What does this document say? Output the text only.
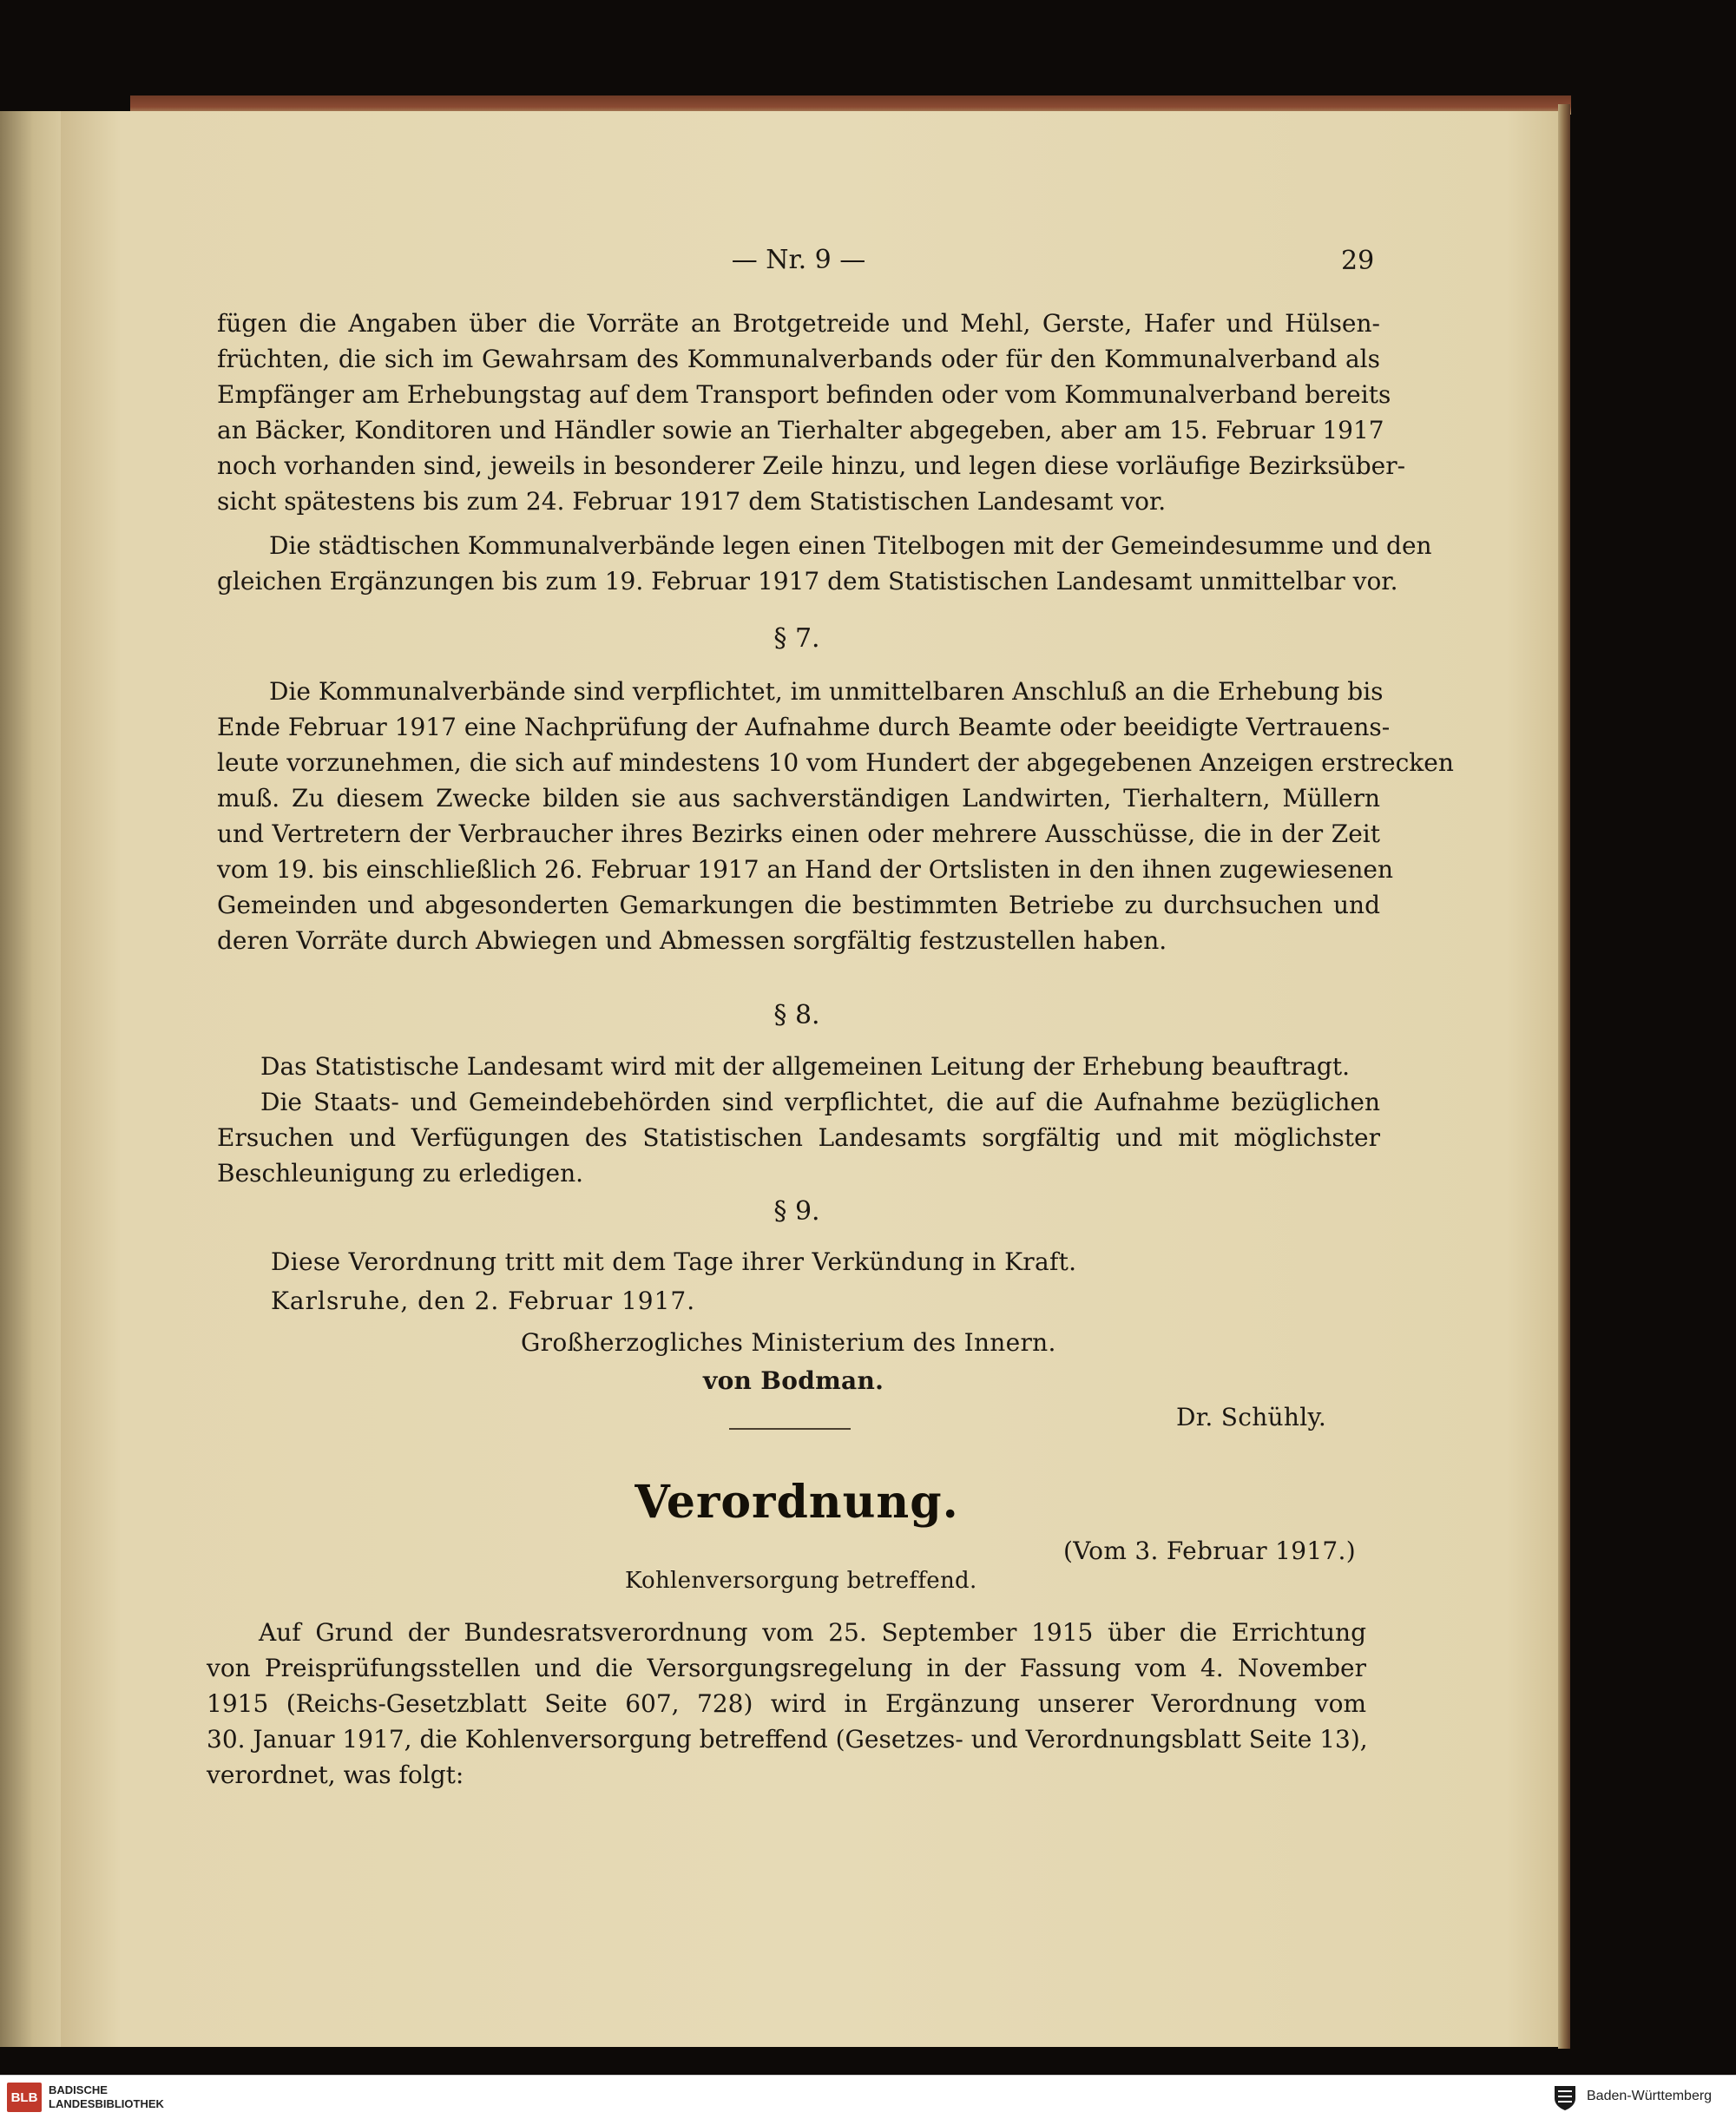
— Nr. 9 —	29
fügen die Angaben über die Vorräte an Brotgetreide und Mehl, Gerste, Hafer und Hülsen-
früchten, die sich im Gewahrsam des Kommunalverbands oder für den Kommunalverband als
Empfänger am Erhebungstag auf dem Transport befinden oder vom Kommunalverband bereits
an Bäcker, Konditoren und Händler sowie an Tierhalter abgegeben, aber am 15. Februar 1917
noch vorhanden sind, jeweils in besonderer Zeile hinzu, und legen diese vorläufige Bezirksüber-
sicht spätestens bis zum 24. Februar 1917 dem Statistischen Landesamt vor.
Die städtischen Kommunalverbände legen einen Titelbogen mit der Gemeindesumme und den
gleichen Ergänzungen bis zum 19. Februar 1917 dem Statistischen Landesamt unmittelbar vor.
§ 7.
Die Kommunalverbände sind verpflichtet, im unmittelbaren Anschluß an die Erhebung bis
Ende Februar 1917 eine Nachprüfung der Aufnahme durch Beamte oder beeidigte Vertrauens-
leute vorzunehmen, die sich auf mindestens 10 vom Hundert der abgegebenen Anzeigen erstrecken
muß. Zu diesem Zwecke bilden sie aus sachverständigen Landwirten, Tierhaltern, Müllern
und Vertretern der Verbraucher ihres Bezirks einen oder mehrere Ausschüsse, die in der Zeit
vom 19. bis einschließlich 26. Februar 1917 an Hand der Ortslisten in den ihnen zugewiesenen
Gemeinden und abgesonderten Gemarkungen die bestimmten Betriebe zu durchsuchen und
deren Vorräte durch Abwiegen und Abmessen sorgfältig festzustellen haben.
§ 8.
Das Statistische Landesamt wird mit der allgemeinen Leitung der Erhebung beauftragt.
Die Staats- und Gemeindebehörden sind verpflichtet, die auf die Aufnahme bezüglichen
Ersuchen und Verfügungen des Statistischen Landesamts sorgfältig und mit möglichster
Beschleunigung zu erledigen.
§ 9.
Diese Verordnung tritt mit dem Tage ihrer Verkündung in Kraft.
Karlsruhe, den 2. Februar 1917.
Großherzogliches Ministerium des Innern.
von Bodman.
Dr. Schühly.
Verordnung.
(Vom 3. Februar 1917.)
Kohlenversorgung betreffend.
Auf Grund der Bundesratsverordnung vom 25. September 1915 über die Errichtung
von Preisprüfungsstellen und die Versorgungsregelung in der Fassung vom 4. November
1915 (Reichs-Gesetzblatt Seite 607, 728) wird in Ergänzung unserer Verordnung vom
30. Januar 1917, die Kohlenversorgung betreffend (Gesetzes- und Verordnungsblatt Seite 13),
verordnet, was folgt:
BLB BADISCHE
LANDESBIBLIOTHEK
Baden-Württemberg
